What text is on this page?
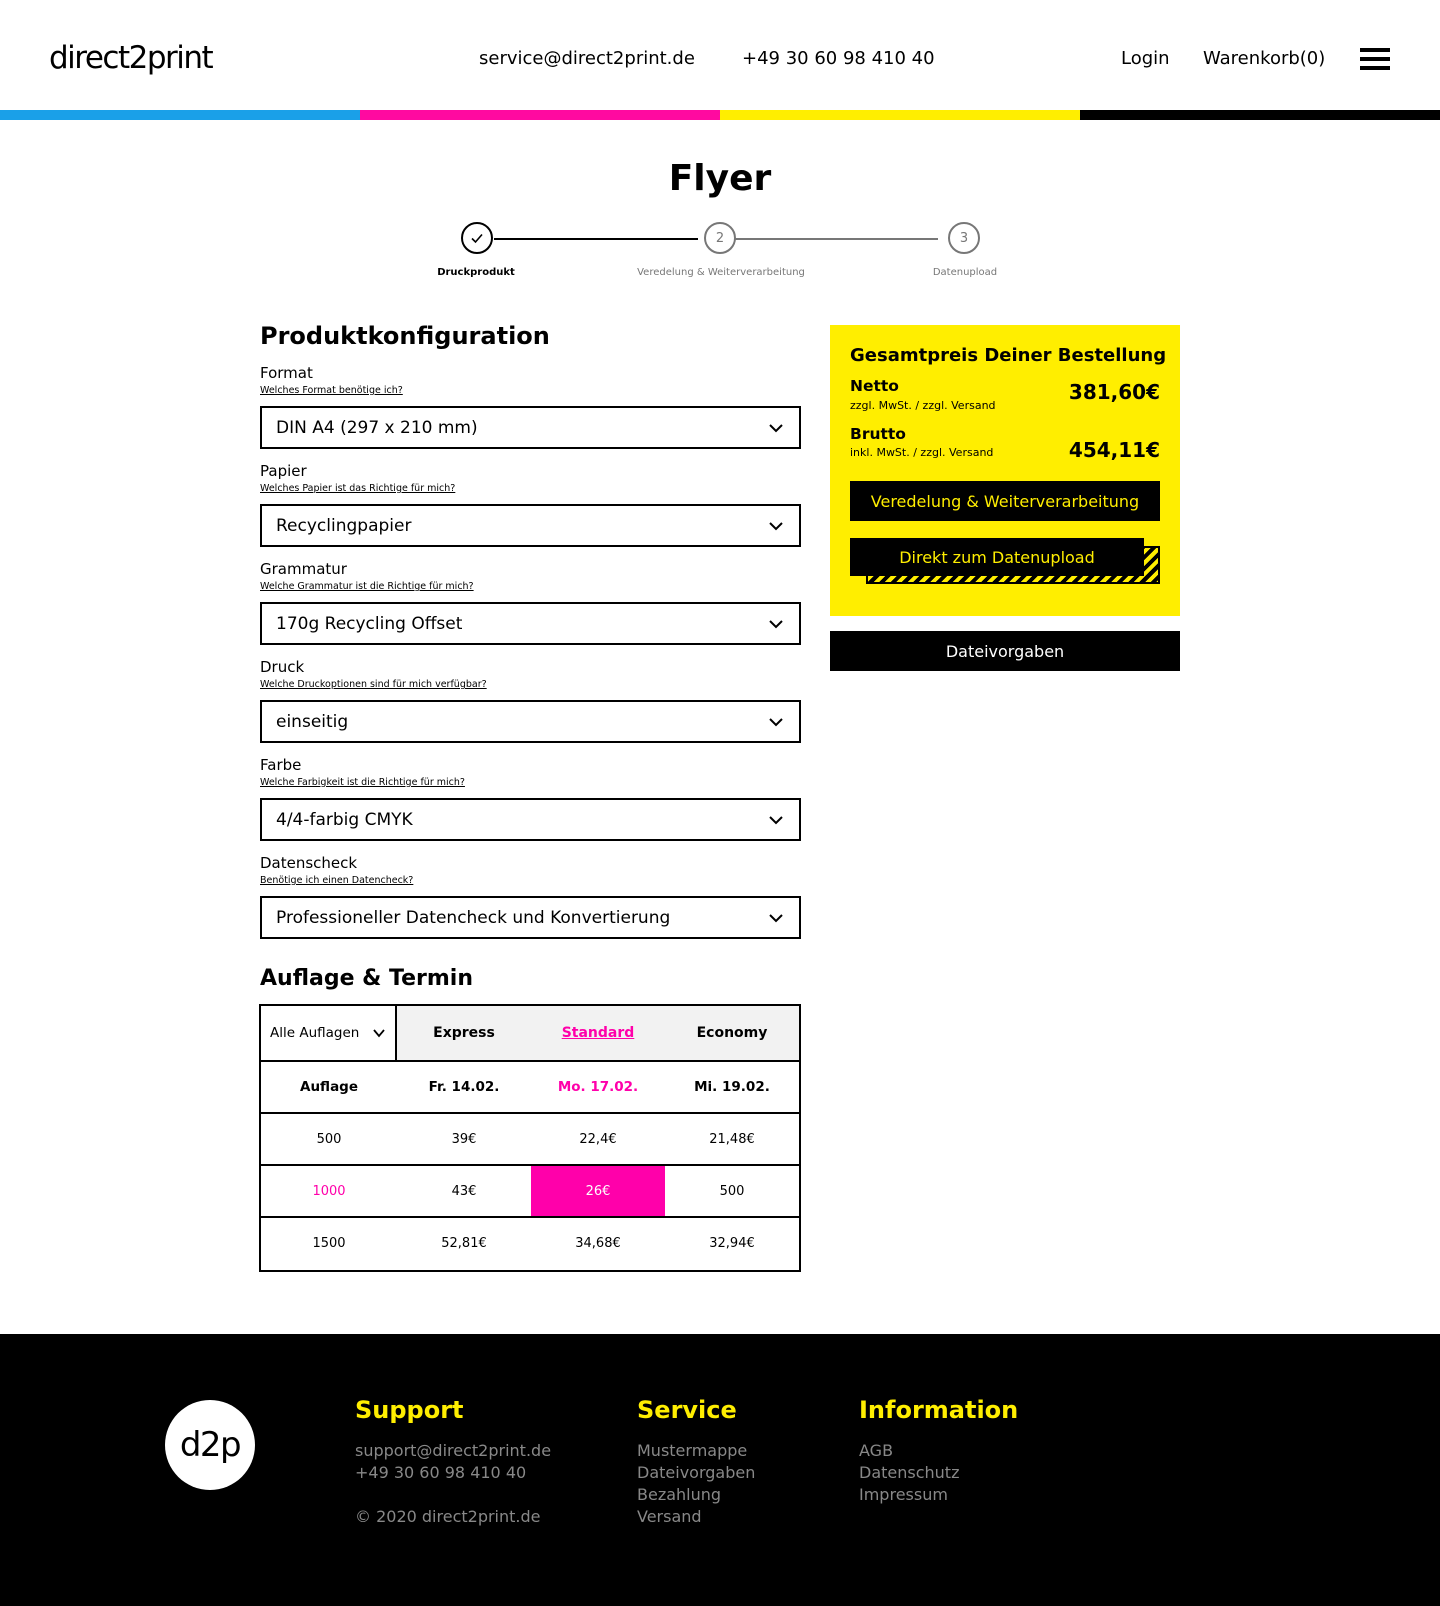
direct2print	service@direct2print.de	+49 30 60 98 410 40	Login Warenkorb(0)
Flyer
2	3
Druckprodukt	Veredelung & Weiterverarbeitung	Datenupload
Produktkonfiguration
Format
Welches Format benötige ich?
DIN A4 (297 x 210 mm)
Papier
Welches Papier ist das Richtige für mich?
Recyclingpapier
Grammatur
Welche Grammatur ist die Richtige für mich?
170g Recycling Offset
Druck
Welche Druckoptionen sind für mich verfügbar?
einseitig
Farbe
Welche Farbigkeit ist die Richtige für mich?
4/4-farbig CMYK
Datenscheck
Benötige ich einen Datencheck?
Professioneller Datencheck und Konvertierung
Auflage & Termin
Alle Auflagen	Express	Standard	Economy
Auflage	Fr. 14.02.	Mo. 17.02.	Mi. 19.02.
500	39€	22,4€	21,48€
1000	43€	26€	500
1500	52,81€	34,68€	32,94€
Gesamtpreis Deiner Bestellung
Netto
zzgl. MwSt. / zzgl. Versand
381,60€
Brutto
inkl. MwSt. / zzgl. Versand	454,11€
Veredelung & Weiterverarbeitung
Direkt zum Datenupload
Dateivorgaben
d2p
Support
support@direct2print.de
+49 30 60 98 410 40
© 2020 direct2print.de
Service
Mustermappe
Dateivorgaben
Bezahlung
Versand
Information
AGB
Datenschutz
Impressum
